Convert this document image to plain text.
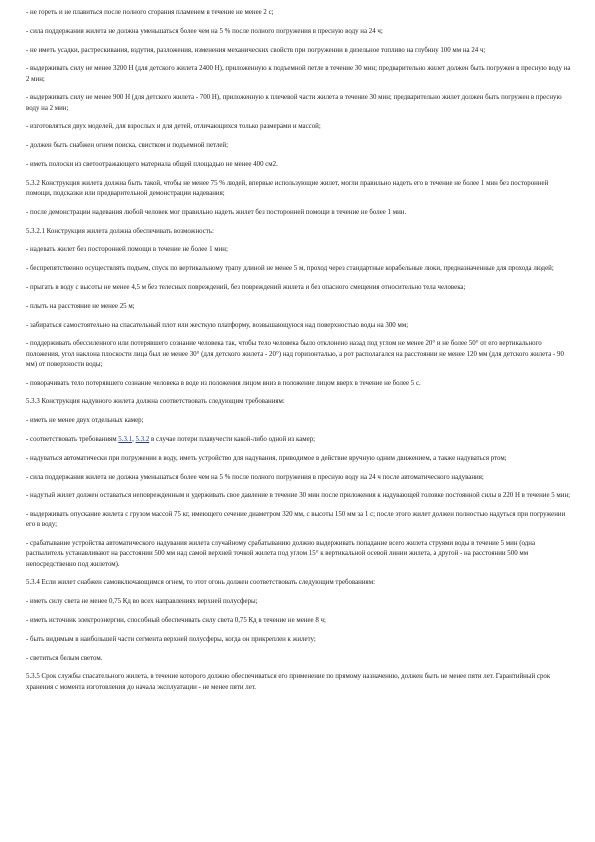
- не гореть и не плавиться после полного сгорания пламенем в течение не менее 2 с;

- сила поддержания жилета не должна уменьшаться более чем на 5 % после полного погружения в пресную воду на 24 ч;

- не иметь усадки, растрескивания, вздутия, разложения, изменения механических свойств при погружении в дизельное топливо на глубину 100 мм на 24 ч;

- выдерживать силу не менее 3200 Н (для детского жилета 2400 Н), приложенную к подъемной петле в течение 30 мин; предварительно жилет должен быть погружен в пресную воду на 2 мин;

- выдерживать силу не менее 900 Н (для детского жилета - 700 Н), приложенную к плечевой части жилета в течение 30 мин; предварительно жилет должен быть погружен в пресную воду на 2 мин;

- изготовляться двух моделей, для взрослых и для детей, отличающихся только размерами и массой;

- должен быть снабжен огнем поиска, свистком и подъемной петлей;

- иметь полоски из светоотражающего материала общей площадью не менее 400 см2.

5.3.2 Конструкция жилета должна быть такой, чтобы не менее 75 % людей, впервые использующие жилет, могли правильно надеть его в течение не более 1 мин без посторонней помощи, подсказки или предварительной демонстрации надевания;

- после демонстрации надевания любой человек мог правильно надеть жилет без посторонней помощи в течение не более 1 мин.

5.3.2.1 Конструкция жилета должна обеспечивать возможность:

- надевать жилет без посторонней помощи в течение не более 1 мин;

- беспрепятственно осуществлять подъем, спуск по вертикальному трапу длиной не менее 5 м, проход через стандартные корабельные люки, предназначенные для прохода людей;

- прыгать в воду с высоты не менее 4,5 м без телесных повреждений, без повреждений жилета и без опасного смещения относительно тела человека;

- плыть на расстояние не менее 25 м;

- забираться самостоятельно на спасательный плот или жесткую платформу, возвышающуюся над поверхностью воды на 300 мм;

- поддерживать обессиленного или потерявшего сознание человека так, чтобы тело человека было отклонено назад под углом не менее 20° и не более 50° от его вертикального положения, угол наклона плоскости лица был не менее 30° (для детского жилета - 20°) над горизонталью, а рот располагался на расстоянии не менее 120 мм (для детского жилета - 90 мм) от поверхности воды;

- поворачивать тело потерявшего сознание человека в воде из положения лицом вниз в положение лицом вверх в течение не более 5 с.

5.3.3 Конструкция надувного жилета должна соответствовать следующим требованиям:

- иметь не менее двух отдельных камер;

- соответствовать требованиям 5.3.1, 5.3.2 в случае потери плавучести какой-либо одной из камер;

- надуваться автоматически при погружении в воду, иметь устройство для надувания, приводимое в действие вручную одним движением, а также надуваться ртом;

- сила поддержания жилета не должна уменьшаться более чем на 5 % после полного погружения в пресную воду на 24 ч после автоматического надувания;

- надутый жилет должен оставаться неповрежденным и удерживать свое давление в течение 30 мин после приложения к надувающей головке постоянной силы в 220 Н в течение 5 мин;

- выдерживать опускание жилета с грузом массой 75 кг, имеющего сечение диаметром 320 мм, с высоты 150 мм за 1 с; после этого жилет должен полностью надуться при погружении его в воду;

- срабатывание устройства автоматического надувания жилета случайному срабатыванию должно выдерживать попадание всего жилета струями воды в течение 5 мин (одна распылитель устанавливают на расстоянии 500 мм над самой верхней точкой жилета под углом 15° к вертикальной осевой линии жилета, а другой - на расстоянии 500 мм непосредственно под жилетом).

5.3.4 Если жилет снабжен самовключающимся огнем, то этот огонь должен соответствовать следующим требованиям:

- иметь силу света не менее 0,75 Кд во всех направлениях верхней полусферы;

- иметь источник электроэнергии, способный обеспечивать силу света 0,75 Кд в течение не менее 8 ч;

- быть видимым в наибольшей части сегмента верхней полусферы, когда он прикреплен к жилету;

- светиться белым светом.

5.3.5 Срок службы спасательного жилета, в течение которого должно обеспечиваться его применение по прямому назначению, должен быть не менее пяти лет. Гарантийный срок хранения с момента изготовления до начала эксплуатации - не менее пяти лет.
